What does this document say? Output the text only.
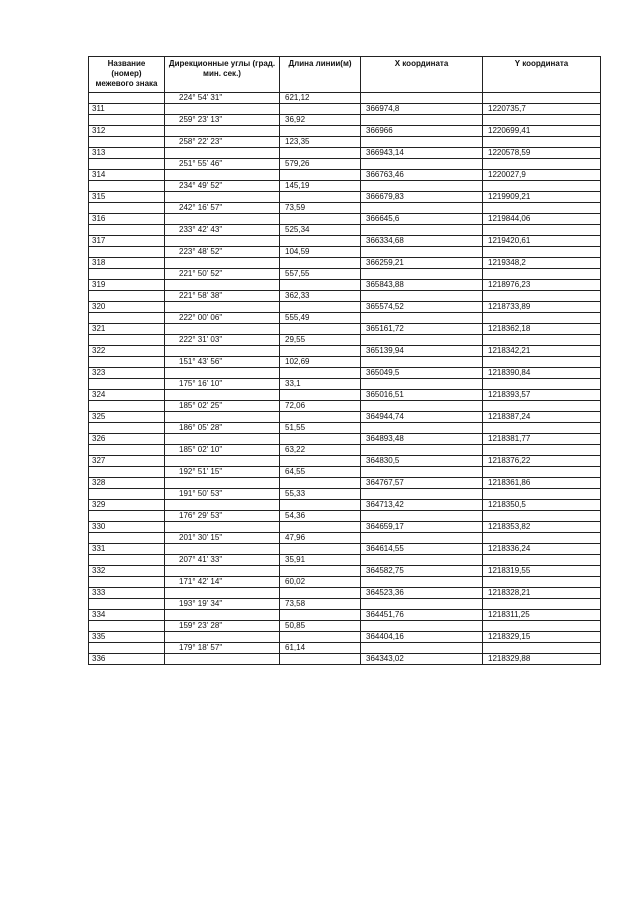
Название (номер) межевого знака	Дирекционные углы (град. мин. сек.)	Длина линии(м)	X координата	Y координата
	224° 54' 31"	621,12		
311			366974,8	1220735,7
	259° 23' 13"	36,92		
312			366966	1220699,41
	258° 22' 23"	123,35		
313			366943,14	1220578,59
	251° 55' 46"	579,26		
314			366763,46	1220027,9
	234° 49' 52"	145,19		
315			366679,83	1219909,21
	242° 16' 57"	73,59		
316			366645,6	1219844,06
	233° 42' 43"	525,34		
317			366334,68	1219420,61
	223° 48' 52"	104,59		
318			366259,21	1219348,2
	221° 50' 52"	557,55		
319			365843,88	1218976,23
	221° 58' 38"	362,33		
320			365574,52	1218733,89
	222° 00' 06"	555,49		
321			365161,72	1218362,18
	222° 31' 03"	29,55		
322			365139,94	1218342,21
	151° 43' 56"	102,69		
323			365049,5	1218390,84
	175° 16' 10"	33,1		
324			365016,51	1218393,57
	185° 02' 25"	72,06		
325			364944,74	1218387,24
	186° 05' 28"	51,55		
326			364893,48	1218381,77
	185° 02' 10"	63,22		
327			364830,5	1218376,22
	192° 51' 15"	64,55		
328			364767,57	1218361,86
	191° 50' 53"	55,33		
329			364713,42	1218350,5
	176° 29' 53"	54,36		
330			364659,17	1218353,82
	201° 30' 15"	47,96		
331			364614,55	1218336,24
	207° 41' 33"	35,91		
332			364582,75	1218319,55
	171° 42' 14"	60,02		
333			364523,36	1218328,21
	193° 19' 34"	73,58		
334			364451,76	1218311,25
	159° 23' 28"	50,85		
335			364404,16	1218329,15
	179° 18' 57"	61,14		
336			364343,02	1218329,88
